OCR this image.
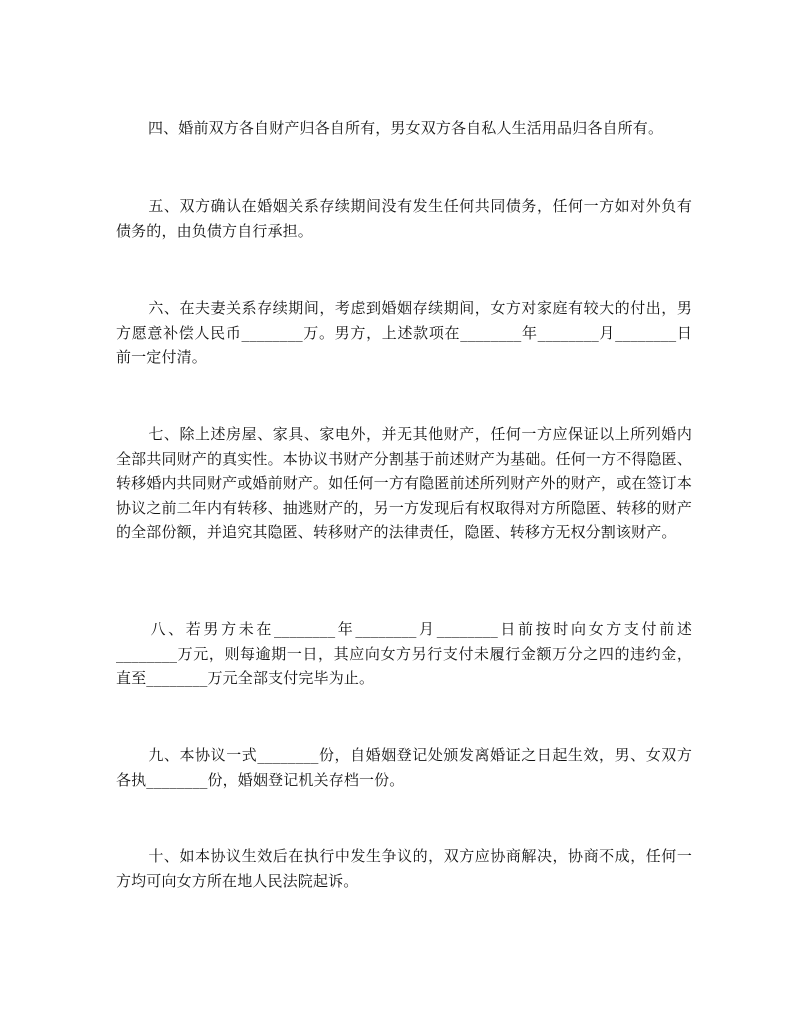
四、婚前双方各自财产归各自所有，男女双方各自私人生活用品归各自所有。

五、双方确认在婚姻关系存续期间没有发生任何共同债务，任何一方如对外负有债务的，由负债方自行承担。

六、在夫妻关系存续期间，考虑到婚姻存续期间，女方对家庭有较大的付出，男方愿意补偿人民币________万。男方，上述款项在________年________月________日前一定付清。

七、除上述房屋、家具、家电外，并无其他财产，任何一方应保证以上所列婚内全部共同财产的真实性。本协议书财产分割基于前述财产为基础。任何一方不得隐匿、转移婚内共同财产或婚前财产。如任何一方有隐匿前述所列财产外的财产，或在签订本协议之前二年内有转移、抽逃财产的，另一方发现后有权取得对方所隐匿、转移的财产的全部份额，并追究其隐匿、转移财产的法律责任，隐匿、转移方无权分割该财产。

八、若男方未在________年________月________日前按时向女方支付前述________万元，则每逾期一日，其应向女方另行支付未履行金额万分之四的违约金，直至________万元全部支付完毕为止。

九、本协议一式________份，自婚姻登记处颁发离婚证之日起生效，男、女双方各执________份，婚姻登记机关存档一份。

十、如本协议生效后在执行中发生争议的，双方应协商解决，协商不成，任何一方均可向女方所在地人民法院起诉。
